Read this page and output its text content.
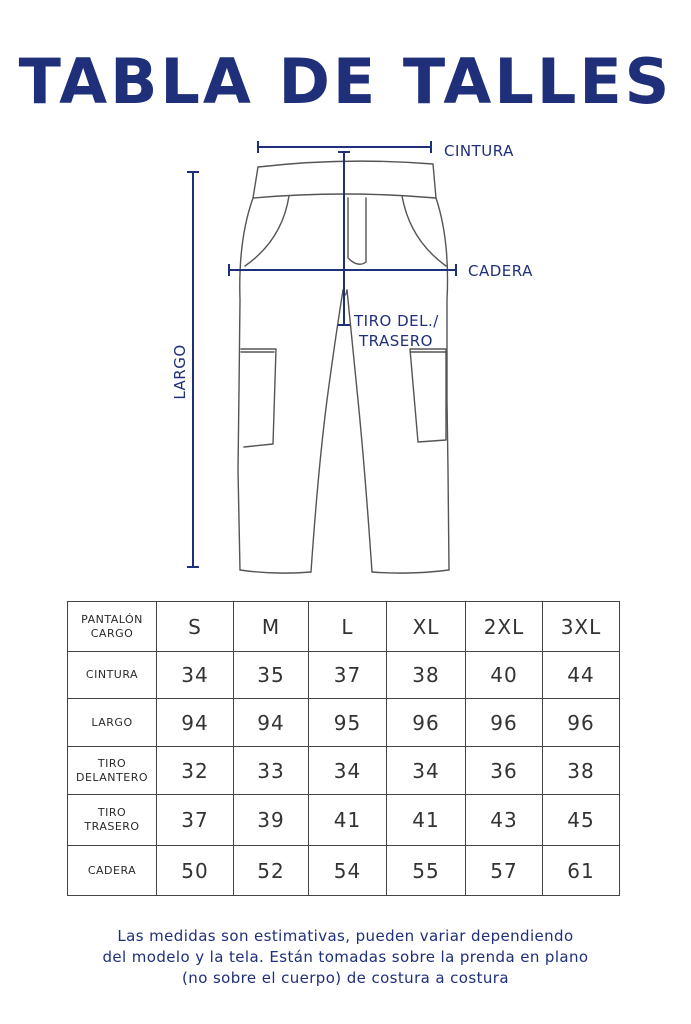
TABLA DE TALLES
CINTURA
CADERA
TIRO DEL./
TRASERO
LARGO
PANTALÓN
CARGO	S	M	L	XL	2XL	3XL
CINTURA	34	35	37	38	40	44
LARGO	94	94	95	96	96	96
TIRO
DELANTERO	32	33	34	34	36	38
TIRO
TRASERO	37	39	41	41	43	45
CADERA	50	52	54	55	57	61
Las medidas son estimativas, pueden variar dependiendo
del modelo y la tela. Están tomadas sobre la prenda en plano
(no sobre el cuerpo) de costura a costura
